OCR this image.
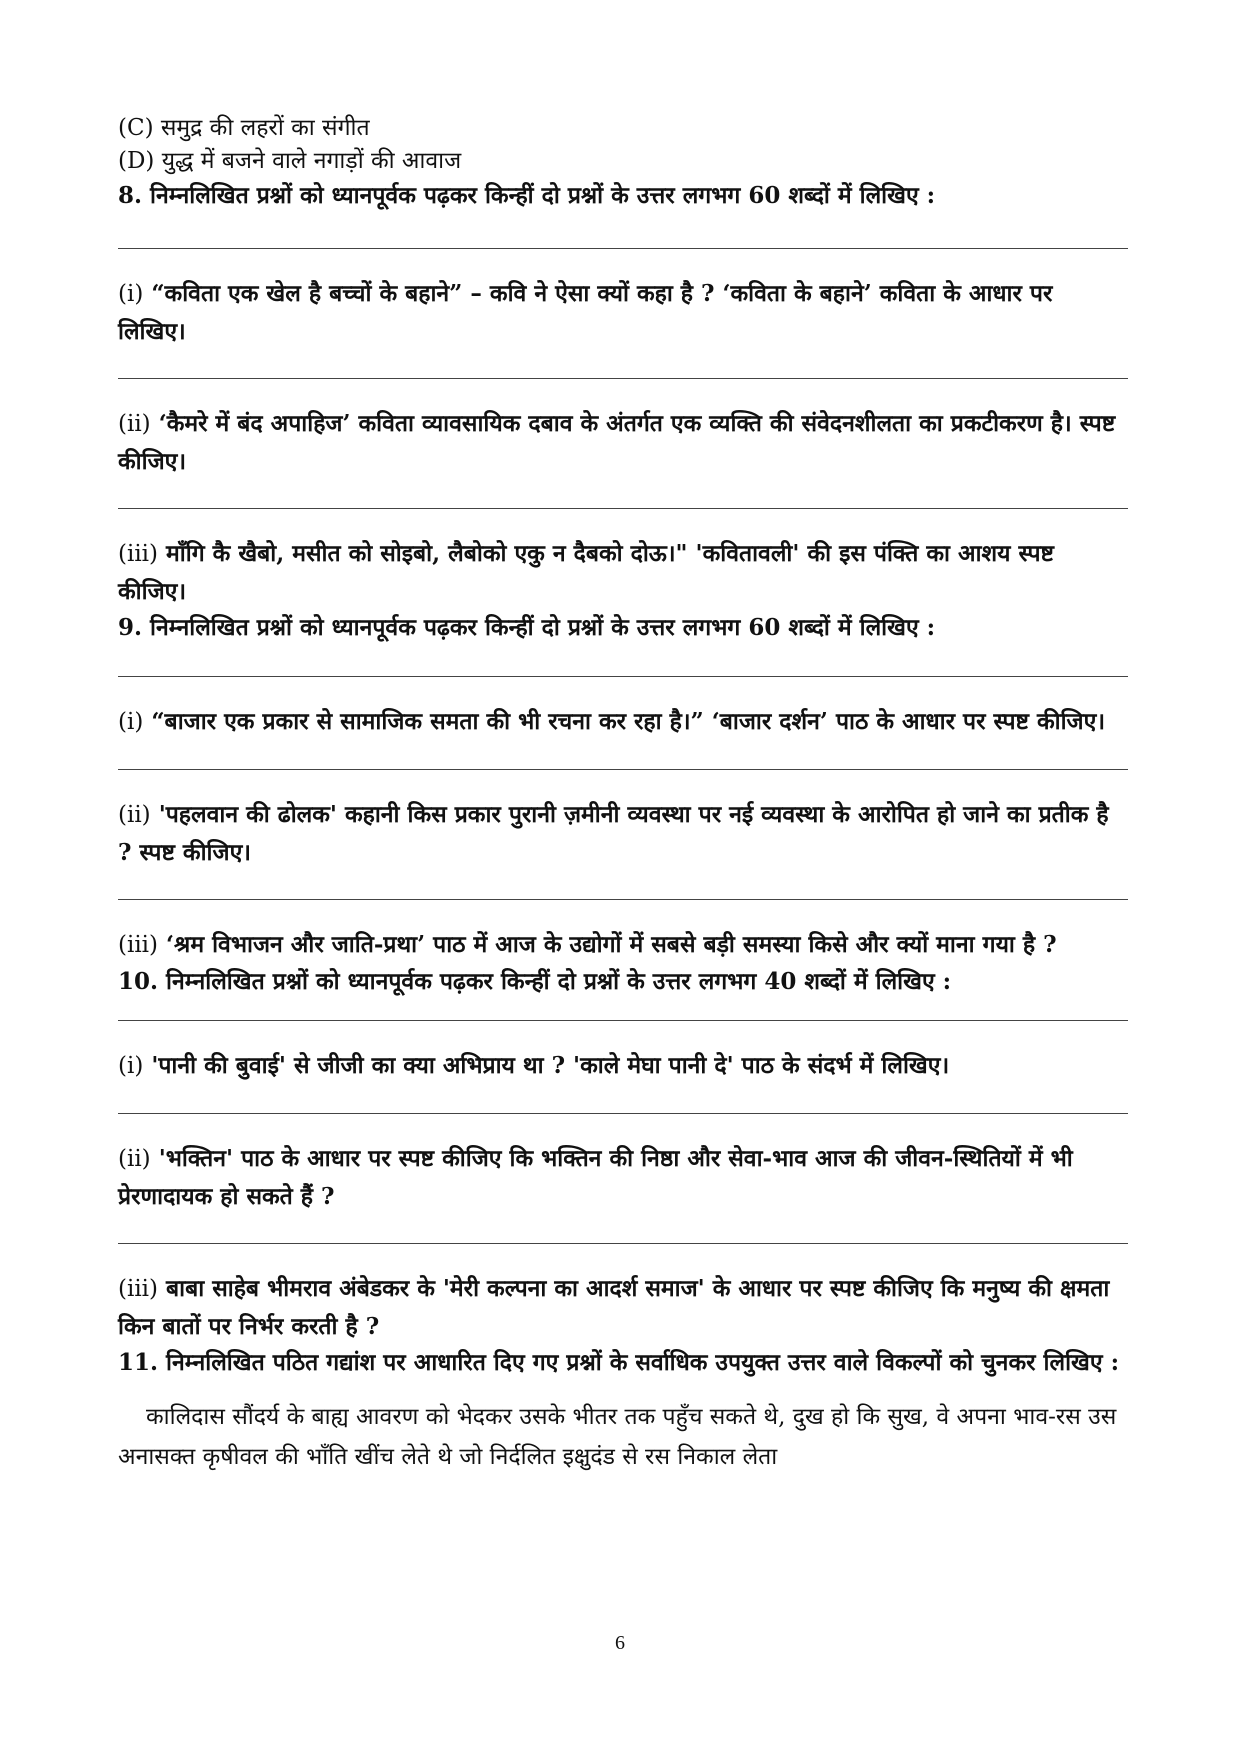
(C) समुद्र की लहरों का संगीत

(D) युद्ध में बजने वाले नगाड़ों की आवाज

8. निम्नलिखित प्रश्नों को ध्यानपूर्वक पढ़कर किन्हीं दो प्रश्नों के उत्तर लगभग 60 शब्दों में लिखिए :

(i) “कविता एक खेल है बच्चों के बहाने” – कवि ने ऐसा क्यों कहा है ? ‘कविता के बहाने’ कविता के आधार पर लिखिए।

(ii) ‘कैमरे में बंद अपाहिज’ कविता व्यावसायिक दबाव के अंतर्गत एक व्यक्ति की संवेदनशीलता का प्रकटीकरण है। स्पष्ट कीजिए।

(iii) माँगि कै खैबो, मसीत को सोइबो, लैबोको एकु न दैबको दोऊ।" 'कवितावली' की इस पंक्ति का आशय स्पष्ट कीजिए।

9. निम्नलिखित प्रश्नों को ध्यानपूर्वक पढ़कर किन्हीं दो प्रश्नों के उत्तर लगभग 60 शब्दों में लिखिए :

(i) “बाजार एक प्रकार से सामाजिक समता की भी रचना कर रहा है।” ‘बाजार दर्शन’ पाठ के आधार पर स्पष्ट कीजिए।

(ii) 'पहलवान की ढोलक' कहानी किस प्रकार पुरानी ज़मीनी व्यवस्था पर नई व्यवस्था के आरोपित हो जाने का प्रतीक है ? स्पष्ट कीजिए।

(iii) ‘श्रम विभाजन और जाति-प्रथा’ पाठ में आज के उद्योगों में सबसे बड़ी समस्या किसे और क्यों माना गया है ?

10. निम्नलिखित प्रश्नों को ध्यानपूर्वक पढ़कर किन्हीं दो प्रश्नों के उत्तर लगभग 40 शब्दों में लिखिए :

(i) 'पानी की बुवाई' से जीजी का क्या अभिप्राय था ? 'काले मेघा पानी दे' पाठ के संदर्भ में लिखिए।

(ii) 'भक्तिन' पाठ के आधार पर स्पष्ट कीजिए कि भक्तिन की निष्ठा और सेवा-भाव आज की जीवन-स्थितियों में भी प्रेरणादायक हो सकते हैं ?

(iii) बाबा साहेब भीमराव अंबेडकर के 'मेरी कल्पना का आदर्श समाज' के आधार पर स्पष्ट कीजिए कि मनुष्य की क्षमता किन बातों पर निर्भर करती है ?

11. निम्नलिखित पठित गद्यांश पर आधारित दिए गए प्रश्नों के सर्वाधिक उपयुक्त उत्तर वाले विकल्पों को चुनकर लिखिए :

कालिदास सौंदर्य के बाह्य आवरण को भेदकर उसके भीतर तक पहुँच सकते थे, दुख हो कि सुख, वे अपना भाव-रस उस अनासक्त कृषीवल की भाँति खींच लेते थे जो निर्दलित इक्षुदंड से रस निकाल लेता

6
